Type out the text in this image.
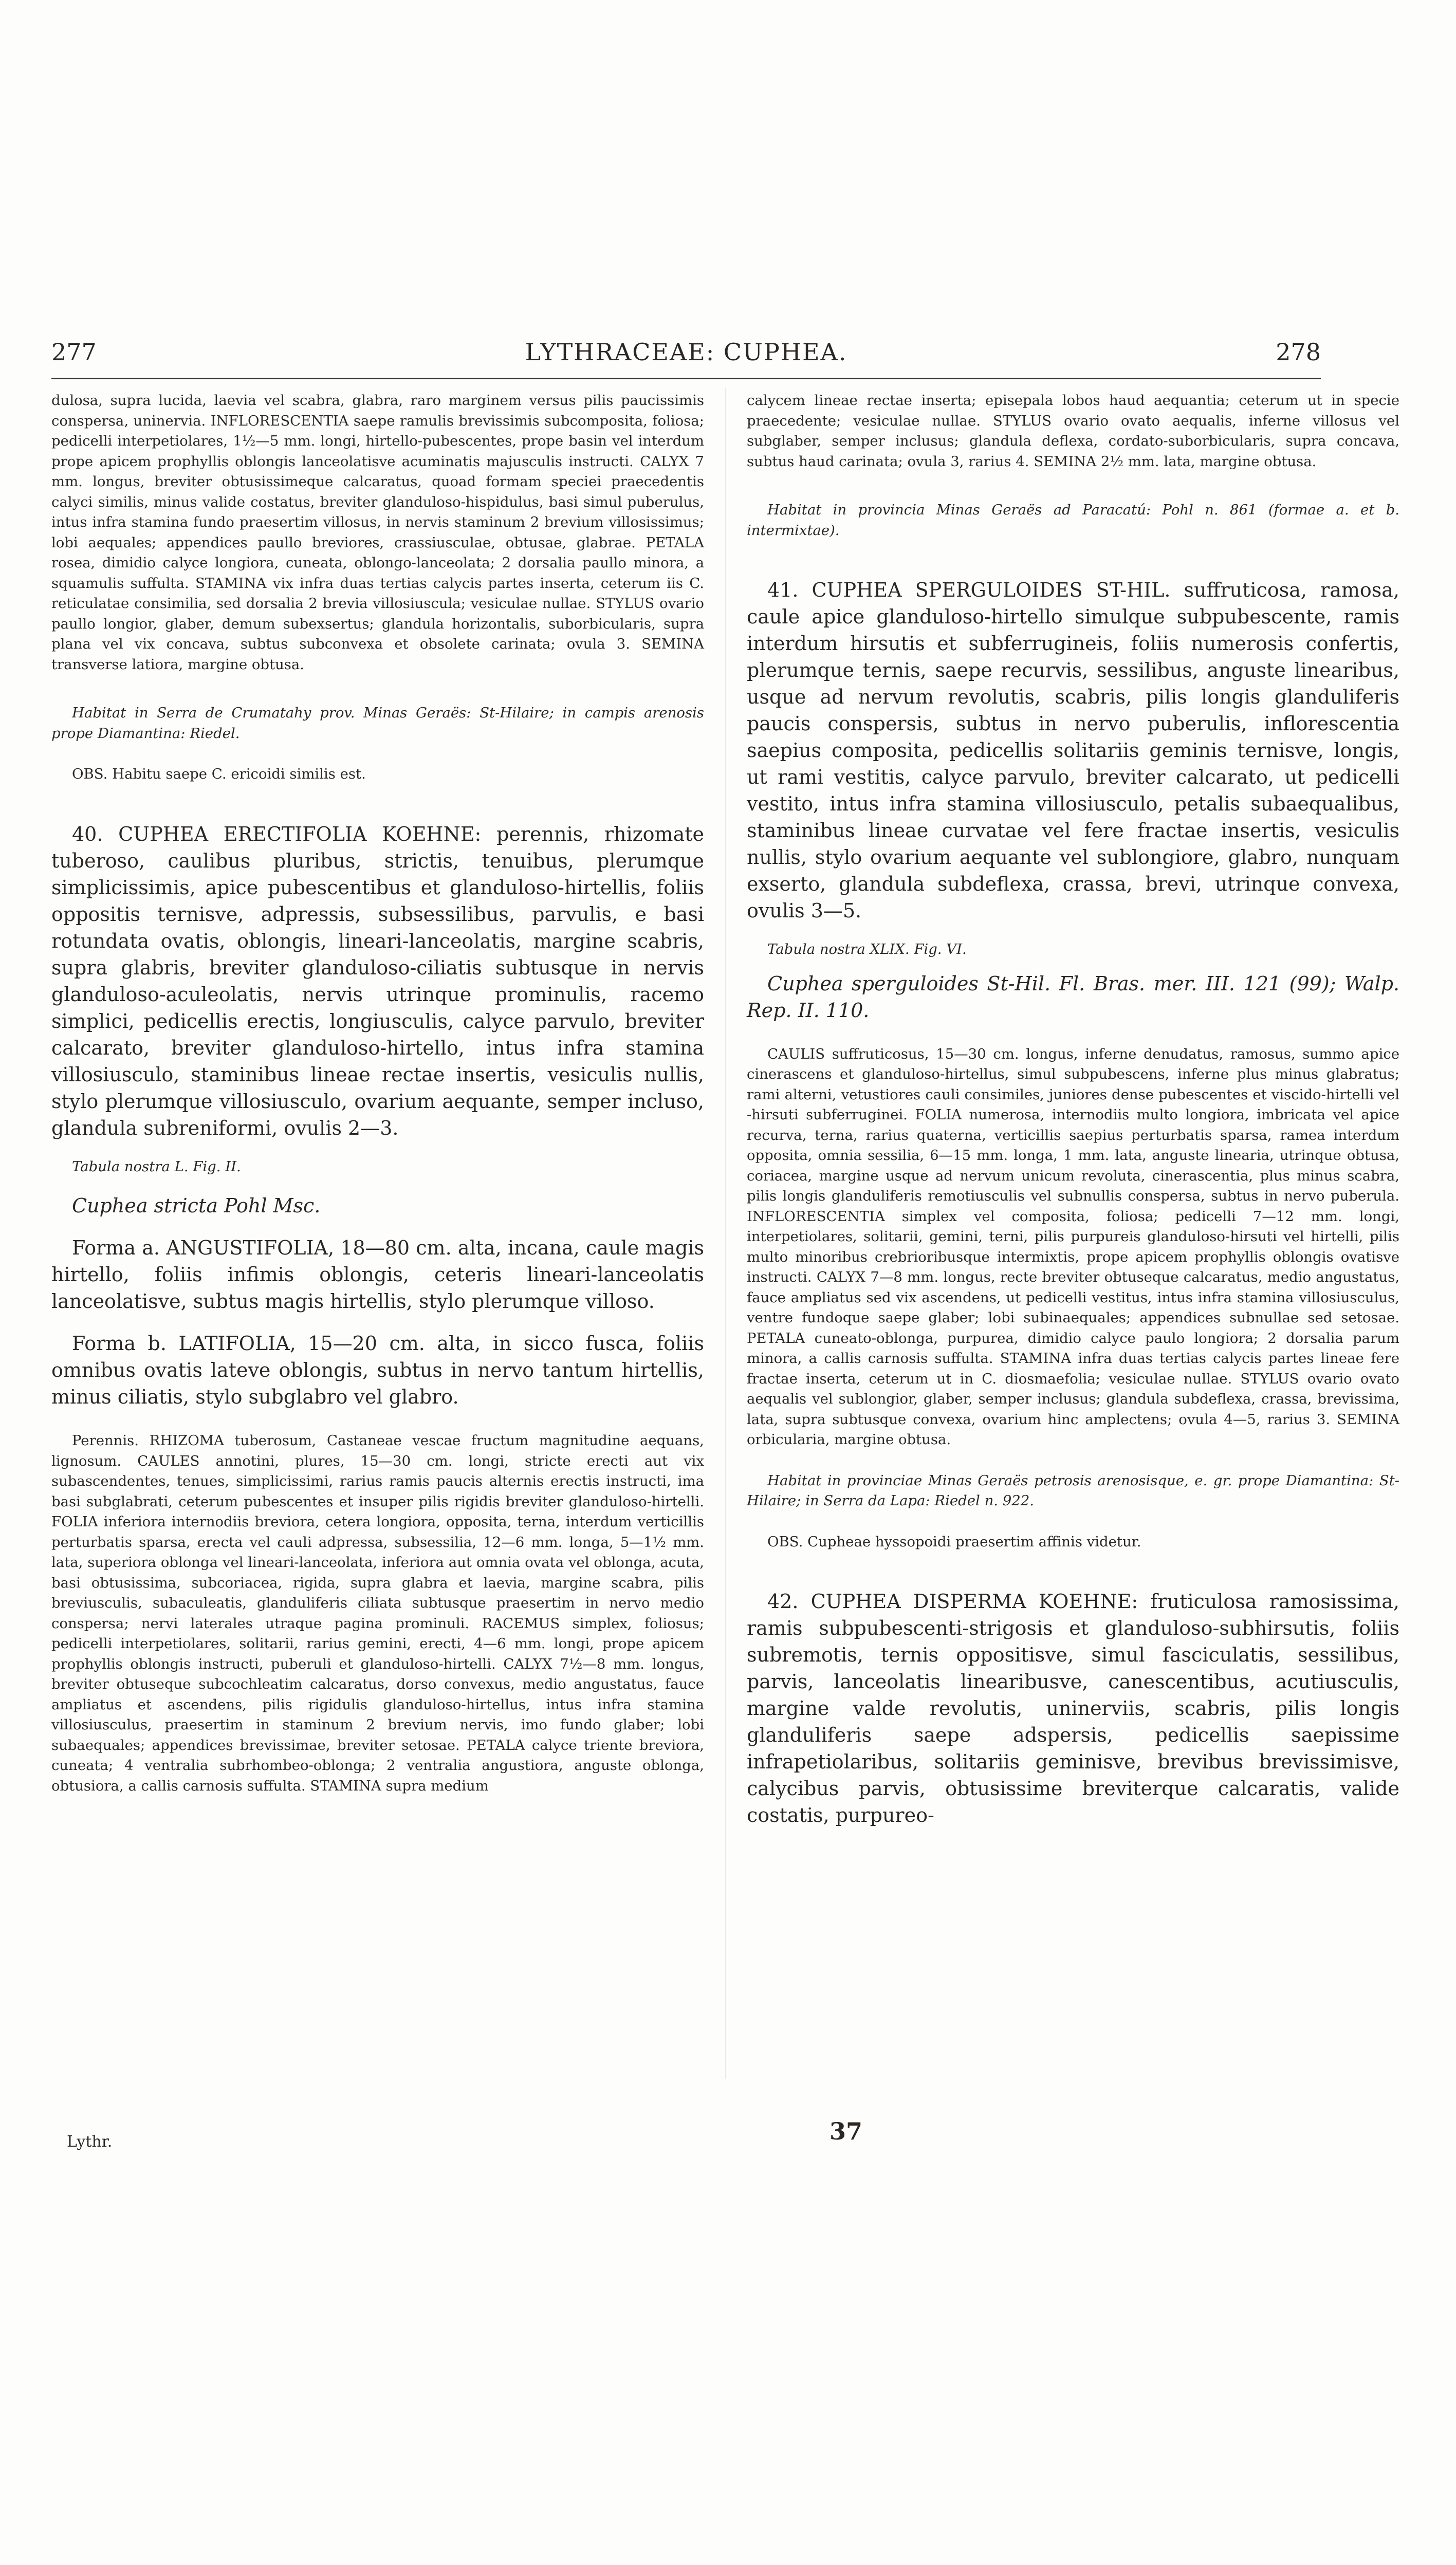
277	LYTHRACEAE: CUPHEA.	278

dulosa, supra lucida, laevia vel scabra, glabra, raro marginem versus pilis paucissimis conspersa, uninervia. INFLORESCENTIA saepe ramulis brevissimis subcomposita, foliosa; pedicelli interpetiolares, 1½—5 mm. longi, hirtello-pubescentes, prope basin vel interdum prope apicem prophyllis oblongis lanceolatisve acuminatis majusculis instructi. CALYX 7 mm. longus, breviter obtusissimeque calcaratus, quoad formam speciei praecedentis calyci similis, minus valide costatus, breviter glanduloso-hispidulus, basi simul puberulus, intus infra stamina fundo praesertim villosus, in nervis staminum 2 brevium villosissimus; lobi aequales; appendices paullo breviores, crassiusculae, obtusae, glabrae. PETALA rosea, dimidio calyce longiora, cuneata, oblongo-lanceolata; 2 dorsalia paullo minora, a squamulis suffulta. STAMINA vix infra duas tertias calycis partes inserta, ceterum iis C. reticulatae consimilia, sed dorsalia 2 brevia villosiuscula; vesiculae nullae. STYLUS ovario paullo longior, glaber, demum subexsertus; glandula horizontalis, suborbicularis, supra plana vel vix concava, subtus subconvexa et obsolete carinata; ovula 3. SEMINA transverse latiora, margine obtusa.

Habitat in Serra de Crumatahy prov. Minas Geraës: St-Hilaire; in campis arenosis prope Diamantina: Riedel.

OBS. Habitu saepe C. ericoidi similis est.

40. CUPHEA ERECTIFOLIA KOEHNE: perennis, rhizomate tuberoso, caulibus pluribus, strictis, tenuibus, plerumque simplicissimis, apice pubescentibus et glanduloso-hirtellis, foliis oppositis ternisve, adpressis, subsessilibus, parvulis, e basi rotundata ovatis, oblongis, lineari-lanceolatis, margine scabris, supra glabris, breviter glanduloso-ciliatis subtusque in nervis glanduloso-aculeolatis, nervis utrinque prominulis, racemo simplici, pedicellis erectis, longiusculis, calyce parvulo, breviter calcarato, breviter glanduloso-hirtello, intus infra stamina villosiusculo, staminibus lineae rectae insertis, vesiculis nullis, stylo plerumque villosiusculo, ovarium aequante, semper incluso, glandula subreniformi, ovulis 2—3.

Tabula nostra L. Fig. II.

Cuphea stricta Pohl Msc.

Forma a. ANGUSTIFOLIA, 18—80 cm. alta, incana, caule magis hirtello, foliis infimis oblongis, ceteris lineari-lanceolatis lanceolatisve, subtus magis hirtellis, stylo plerumque villoso.

Forma b. LATIFOLIA, 15—20 cm. alta, in sicco fusca, foliis omnibus ovatis lateve oblongis, subtus in nervo tantum hirtellis, minus ciliatis, stylo subglabro vel glabro.

Perennis. RHIZOMA tuberosum, Castaneae vescae fructum magnitudine aequans, lignosum. CAULES annotini, plures, 15—30 cm. longi, stricte erecti aut vix subascendentes, tenues, simplicissimi, rarius ramis paucis alternis erectis instructi, ima basi subglabrati, ceterum pubescentes et insuper pilis rigidis breviter glanduloso-hirtelli. FOLIA inferiora internodiis breviora, cetera longiora, opposita, terna, interdum verticillis perturbatis sparsa, erecta vel cauli adpressa, subsessilia, 12—6 mm. longa, 5—1½ mm. lata, superiora oblonga vel lineari-lanceolata, inferiora aut omnia ovata vel oblonga, acuta, basi obtusissima, subcoriacea, rigida, supra glabra et laevia, margine scabra, pilis breviusculis, subaculeatis, glanduliferis ciliata subtusque praesertim in nervo medio conspersa; nervi laterales utraque pagina prominuli. RACEMUS simplex, foliosus; pedicelli interpetiolares, solitarii, rarius gemini, erecti, 4—6 mm. longi, prope apicem prophyllis oblongis instructi, puberuli et glanduloso-hirtelli. CALYX 7½—8 mm. longus, breviter obtuseque subcochleatim calcaratus, dorso convexus, medio angustatus, fauce ampliatus et ascendens, pilis rigidulis glanduloso-hirtellus, intus infra stamina villosiusculus, praesertim in staminum 2 brevium nervis, imo fundo glaber; lobi subaequales; appendices brevissimae, breviter setosae. PETALA calyce triente breviora, cuneata; 4 ventralia subrhombeo-oblonga; 2 ventralia angustiora, anguste oblonga, obtusiora, a callis carnosis suffulta. STAMINA supra medium

calycem lineae rectae inserta; episepala lobos haud aequantia; ceterum ut in specie praecedente; vesiculae nullae. STYLUS ovario ovato aequalis, inferne villosus vel subglaber, semper inclusus; glandula deflexa, cordato-suborbicularis, supra concava, subtus haud carinata; ovula 3, rarius 4. SEMINA 2½ mm. lata, margine obtusa.

Habitat in provincia Minas Geraës ad Paracatú: Pohl n. 861 (formae a. et b. intermixtae).

41. CUPHEA SPERGULOIDES ST-HIL. suffruticosa, ramosa, caule apice glanduloso-hirtello simulque subpubescente, ramis interdum hirsutis et subferrugineis, foliis numerosis confertis, plerumque ternis, saepe recurvis, sessilibus, anguste linearibus, usque ad nervum revolutis, scabris, pilis longis glanduliferis paucis conspersis, subtus in nervo puberulis, inflorescentia saepius composita, pedicellis solitariis geminis ternisve, longis, ut rami vestitis, calyce parvulo, breviter calcarato, ut pedicelli vestito, intus infra stamina villosiusculo, petalis subaequalibus, staminibus lineae curvatae vel fere fractae insertis, vesiculis nullis, stylo ovarium aequante vel sublongiore, glabro, nunquam exserto, glandula subdeflexa, crassa, brevi, utrinque convexa, ovulis 3—5.

Tabula nostra XLIX. Fig. VI.

Cuphea sperguloides St-Hil. Fl. Bras. mer. III. 121 (99); Walp. Rep. II. 110.

CAULIS suffruticosus, 15—30 cm. longus, inferne denudatus, ramosus, summo apice cinerascens et glanduloso-hirtellus, simul subpubescens, inferne plus minus glabratus; rami alterni, vetustiores cauli consimiles, juniores dense pubescentes et viscido-hirtelli vel -hirsuti subferruginei. FOLIA numerosa, internodiis multo longiora, imbricata vel apice recurva, terna, rarius quaterna, verticillis saepius perturbatis sparsa, ramea interdum opposita, omnia sessilia, 6—15 mm. longa, 1 mm. lata, anguste linearia, utrinque obtusa, coriacea, margine usque ad nervum unicum revoluta, cinerascentia, plus minus scabra, pilis longis glanduliferis remotiusculis vel subnullis conspersa, subtus in nervo puberula. INFLORESCENTIA simplex vel composita, foliosa; pedicelli 7—12 mm. longi, interpetiolares, solitarii, gemini, terni, pilis purpureis glanduloso-hirsuti vel hirtelli, pilis multo minoribus crebrioribusque intermixtis, prope apicem prophyllis oblongis ovatisve instructi. CALYX 7—8 mm. longus, recte breviter obtuseque calcaratus, medio angustatus, fauce ampliatus sed vix ascendens, ut pedicelli vestitus, intus infra stamina villosiusculus, ventre fundoque saepe glaber; lobi subinaequales; appendices subnullae sed setosae. PETALA cuneato-oblonga, purpurea, dimidio calyce paulo longiora; 2 dorsalia parum minora, a callis carnosis suffulta. STAMINA infra duas tertias calycis partes lineae fere fractae inserta, ceterum ut in C. diosmaefolia; vesiculae nullae. STYLUS ovario ovato aequalis vel sublongior, glaber, semper inclusus; glandula subdeflexa, crassa, brevissima, lata, supra subtusque convexa, ovarium hinc amplectens; ovula 4—5, rarius 3. SEMINA orbicularia, margine obtusa.

Habitat in provinciae Minas Geraës petrosis arenosisque, e. gr. prope Diamantina: St-Hilaire; in Serra da Lapa: Riedel n. 922.

OBS. Cupheae hyssopoidi praesertim affinis videtur.

42. CUPHEA DISPERMA KOEHNE: fruticulosa ramosissima, ramis subpubescenti-strigosis et glanduloso-subhirsutis, foliis subremotis, ternis oppositisve, simul fasciculatis, sessilibus, parvis, lanceolatis linearibusve, canescentibus, acutiusculis, margine valde revolutis, uninerviis, scabris, pilis longis glanduliferis saepe adspersis, pedicellis saepissime infrapetiolaribus, solitariis geminisve, brevibus brevissimisve, calycibus parvis, obtusissime breviterque calcaratis, valide costatis, purpureo-

Lythr.	37
